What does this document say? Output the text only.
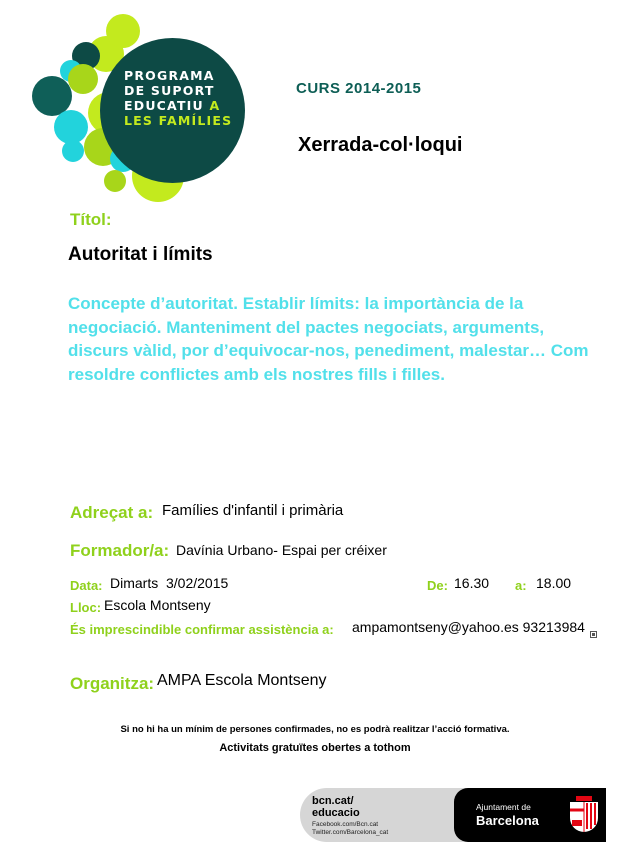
PROGRAMA
DE SUPORT
EDUCATIU A
LES FAMÍLIES
CURS 2014-2015
Xerrada-col·loqui
Títol:
Autoritat i límits
Concepte d’autoritat. Establir límits: la importància de la negociació. Manteniment del pactes negociats, arguments, discurs vàlid, por d’equivocar-nos, penediment, malestar… Com resoldre conflictes amb els nostres fills i filles.
Adreçat a: Famílies d'infantil i primària
Formador/a: Davínia Urbano- Espai per créixer
Data: Dimarts  3/02/2015	De: 16.30 a: 18.00
Lloc: Escola Montseny
És imprescindible confirmar assistència a: ampamontseny@yahoo.es 93213984
Organitza: AMPA Escola Montseny
Si no hi ha un mínim de persones confirmades, no es podrà realitzar l’acció formativa.
Activitats gratuïtes obertes a tothom
bcn.cat/
educacio
Facebook.com/Bcn.cat
Twitter.com/Barcelona_cat
Ajuntament de
Barcelona
